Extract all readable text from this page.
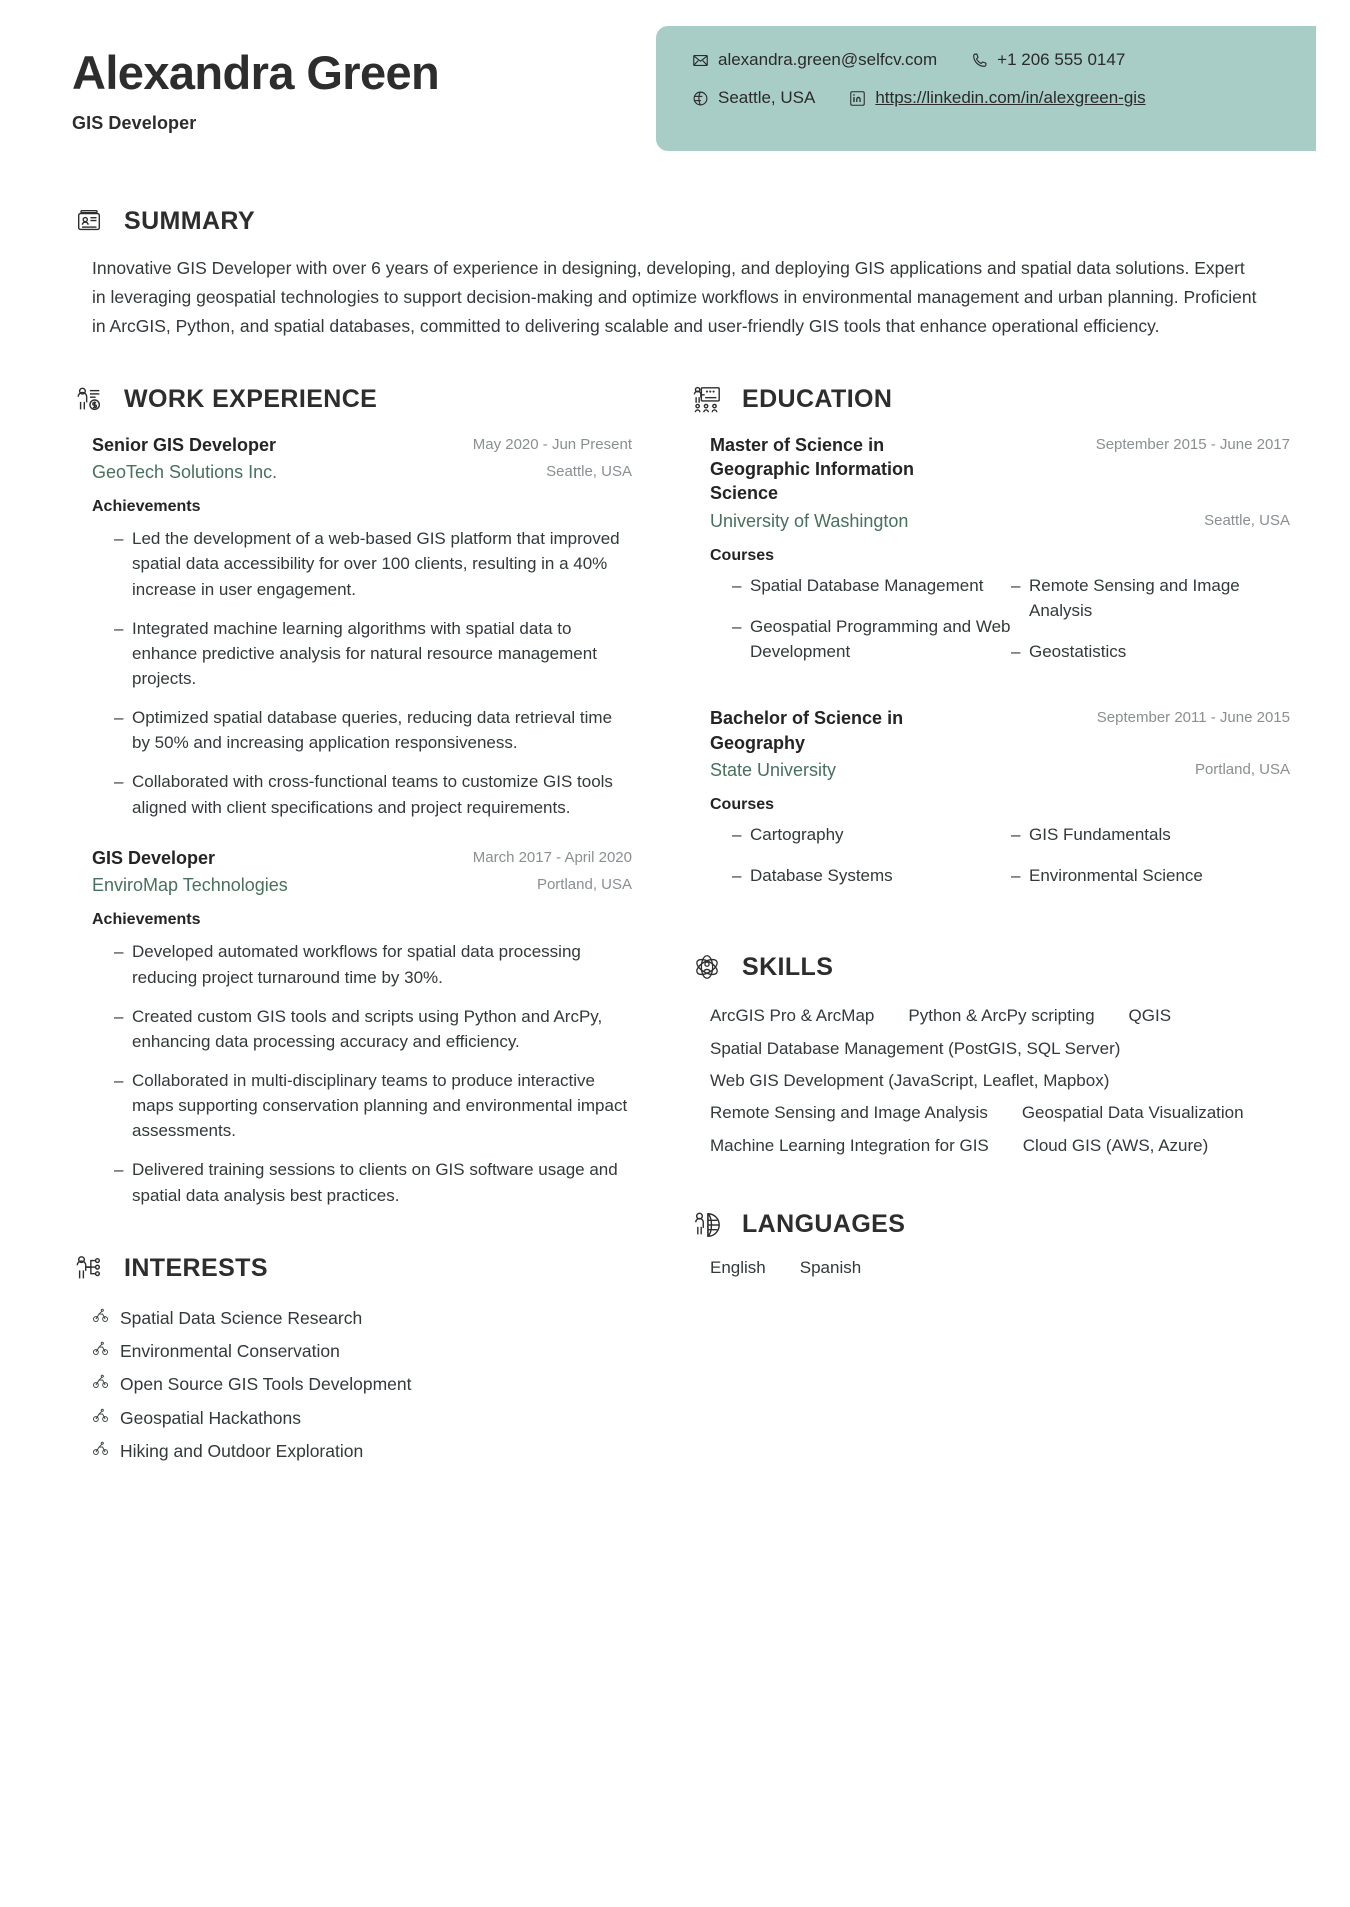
Alexandra Green
GIS Developer
alexandra.green@selfcv.com	+1 206 555 0147
Seattle, USA	https://linkedin.com/in/alexgreen-gis
SUMMARY

Innovative GIS Developer with over 6 years of experience in designing, developing, and deploying GIS applications and spatial data solutions. Expert in leveraging geospatial technologies to support decision-making and optimize workflows in environmental management and urban planning. Proficient in ArcGIS, Python, and spatial databases, committed to delivering scalable and user-friendly GIS tools that enhance operational efficiency.

WORK EXPERIENCE
Senior GIS Developer	May 2020 - Jun Present
GeoTech Solutions Inc.	Seattle, USA
Achievements
– Led the development of a web-based GIS platform that improved spatial data accessibility for over 100 clients, resulting in a 40% increase in user engagement.
– Integrated machine learning algorithms with spatial data to enhance predictive analysis for natural resource management projects.
– Optimized spatial database queries, reducing data retrieval time by 50% and increasing application responsiveness.
– Collaborated with cross-functional teams to customize GIS tools aligned with client specifications and project requirements.
GIS Developer	March 2017 - April 2020
EnviroMap Technologies	Portland, USA
Achievements
– Developed automated workflows for spatial data processing reducing project turnaround time by 30%.
– Created custom GIS tools and scripts using Python and ArcPy, enhancing data processing accuracy and efficiency.
– Collaborated in multi-disciplinary teams to produce interactive maps supporting conservation planning and environmental impact assessments.
– Delivered training sessions to clients on GIS software usage and spatial data analysis best practices.
INTERESTS
Spatial Data Science Research
Environmental Conservation
Open Source GIS Tools Development
Geospatial Hackathons
Hiking and Outdoor Exploration
EDUCATION
Master of Science in Geographic Information Science
September 2015 - June 2017
University of Washington	Seattle, USA
Courses
– Spatial Database Management
– Geospatial Programming and Web Development
– Remote Sensing and Image Analysis
– Geostatistics
Bachelor of Science in Geography
September 2011 - June 2015
State University	Portland, USA
Courses
– Cartography
– Database Systems
– GIS Fundamentals
– Environmental Science
SKILLS
ArcGIS Pro & ArcMap Python & ArcPy scripting QGIS
Spatial Database Management (PostGIS, SQL Server)
Web GIS Development (JavaScript, Leaflet, Mapbox)
Remote Sensing and Image Analysis Geospatial Data Visualization
Machine Learning Integration for GIS Cloud GIS (AWS, Azure)
LANGUAGES
English Spanish
